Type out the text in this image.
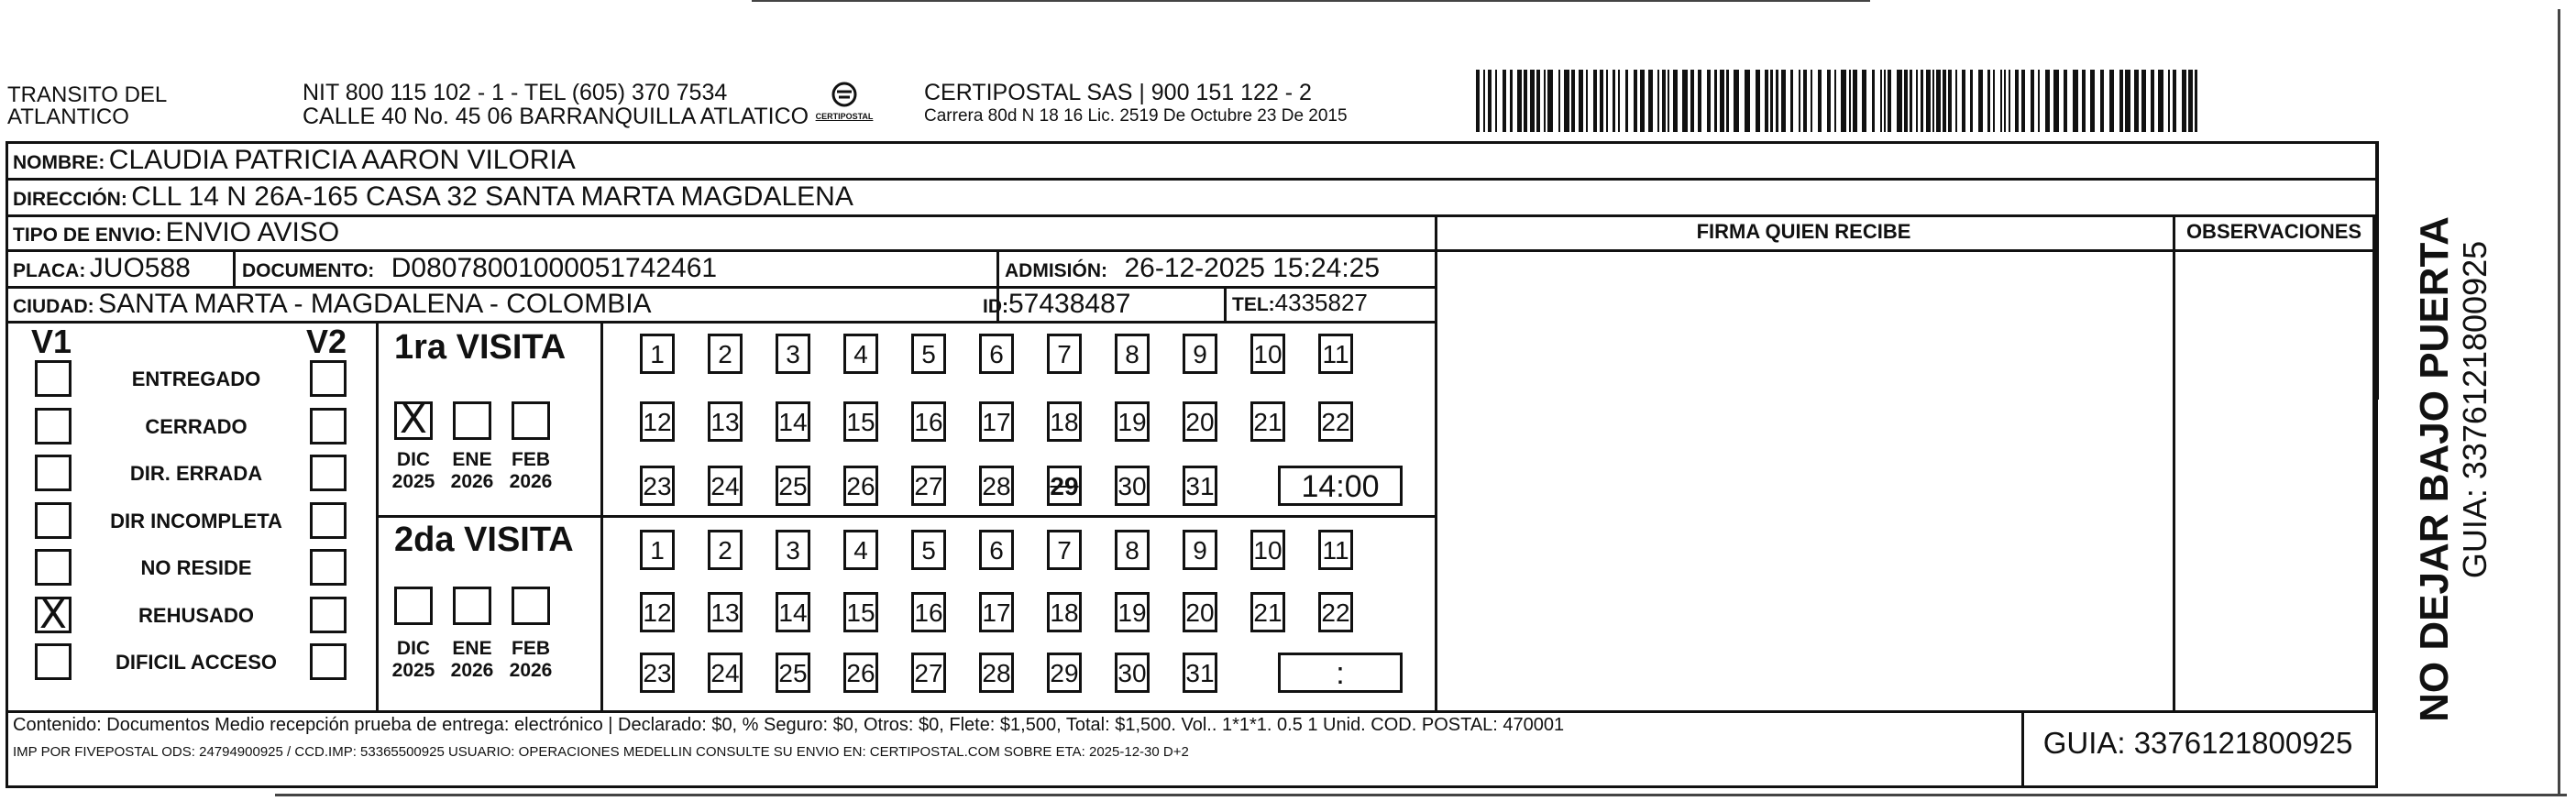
TRANSITO DEL
ATLANTICO
NIT 800 115 102 - 1 - TEL (605) 370 7534
CALLE 40 No. 45 06 BARRANQUILLA ATLATICO CERTIPOSTAL
CERTIPOSTAL SAS | 900 151 122 - 2
Carrera 80d N 18 16 Lic. 2519 De Octubre 23 De 2015
NOMBRE: CLAUDIA PATRICIA AARON VILORIA
DIRECCIÓN: CLL 14 N 26A-165 CASA 32 SANTA MARTA MAGDALENA
TIPO DE ENVIO: ENVIO AVISO
PLACA: JUO588	DOCUMENTO: D08078001000051742461	ADMISIÓN: 26-12-2025 15:24:25
CIUDAD: SANTA MARTA - MAGDALENA - COLOMBIA	ID:57438487	TEL:4335827
FIRMA QUIEN RECIBE	OBSERVACIONES
V1	V2 1ra VISITA
2da VISITA
ENTREGADO
CERRADO
DIR. ERRADA
DIR INCOMPLETA
NO RESIDE
X	REHUSADO
DIFICIL ACCESO
X
DIC
2025
ENE
2026
FEB
2026
DIC
2025
ENE
2026
FEB
2026
1	2	3	4	5	6	7	8	9	10 11
12 13 14 15 16 17 18 19 20 21 22
23 24 25 26 27 28 29 30 31	14:00
1	2	3	4	5	6	7	8	9	10 11
12 13 14 15 16 17 18 19 20 21 22
23 24 25 26 27 28 29 30 31	:
Contenido: Documentos Medio recepción prueba de entrega: electrónico | Declarado: $0, % Seguro: $0, Otros: $0, Flete: $1,500, Total: $1,500. Vol.. 1*1*1. 0.5 1 Unid. COD. POSTAL: 470001
IMP POR FIVEPOSTAL ODS: 24794900925 / CCD.IMP: 53365500925 USUARIO: OPERACIONES MEDELLIN CONSULTE SU ENVIO EN: CERTIPOSTAL.COM SOBRE ETA: 2025-12-30 D+2	GUIA: 3376121800925
NO DEJAR BAJO PUERTA GUIA: 3376121800925
